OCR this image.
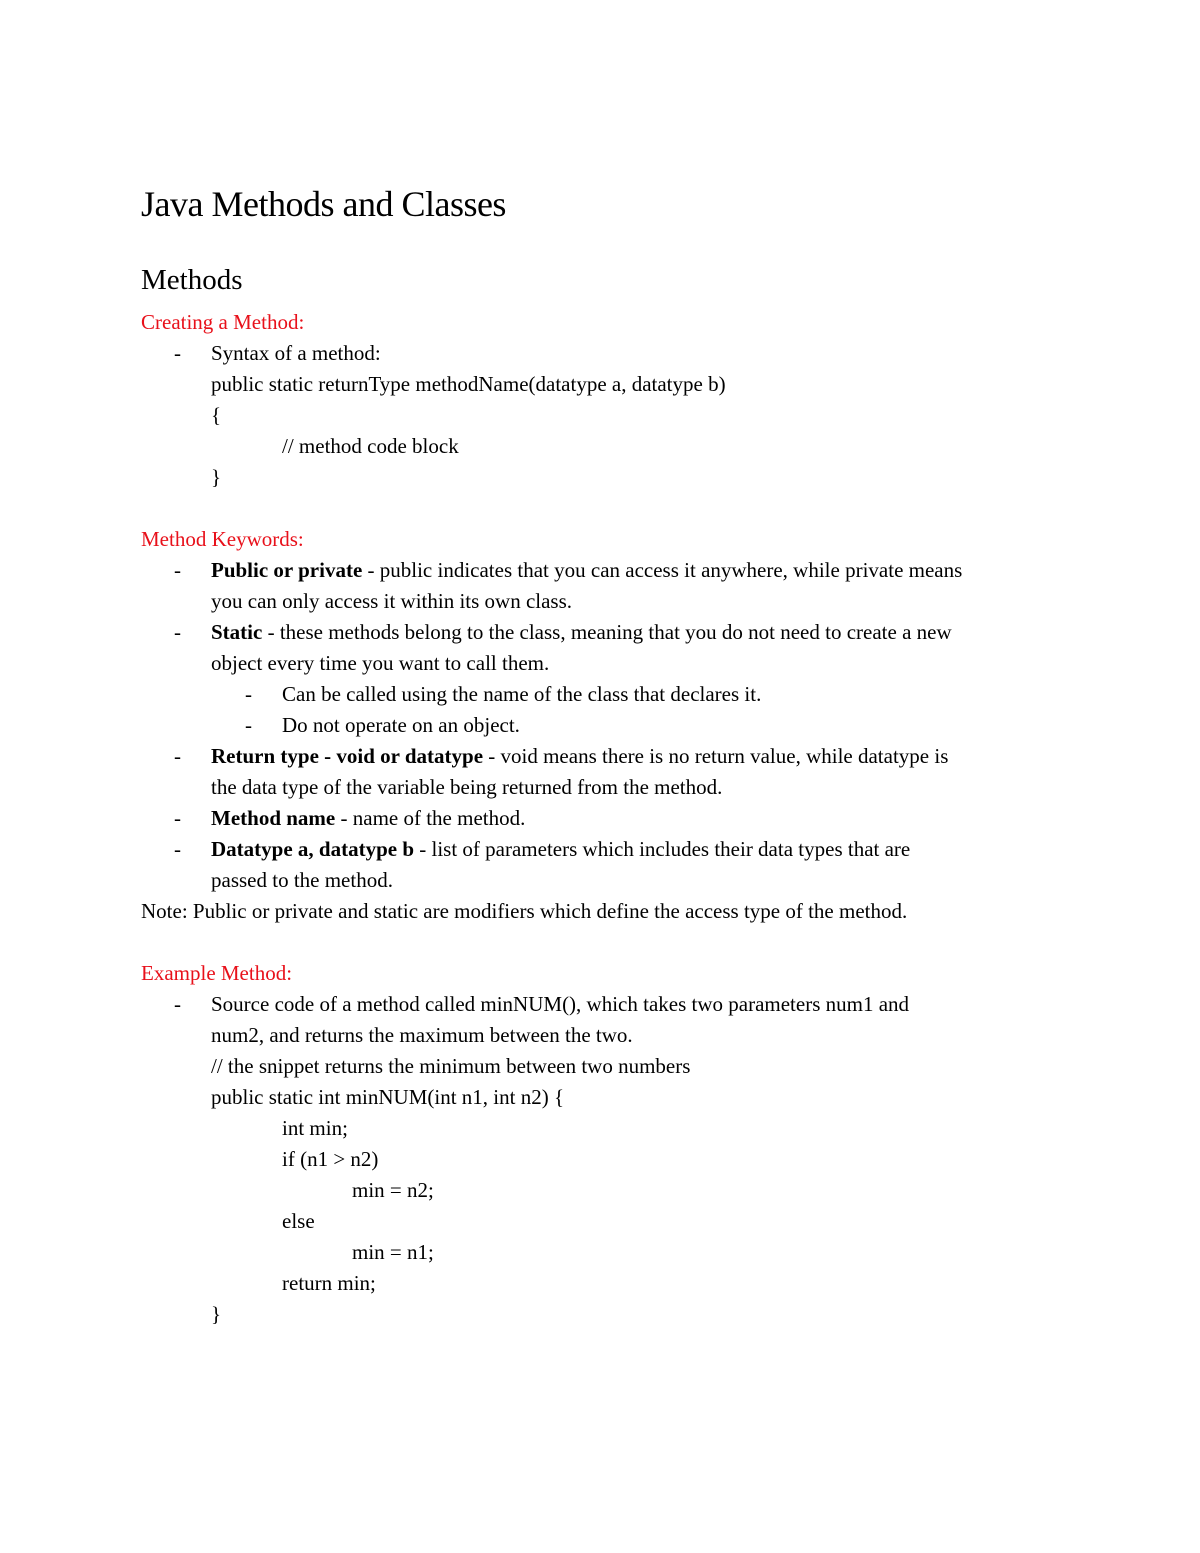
Java Methods and Classes
Methods
Creating a Method:
- Syntax of a method:
public static returnType methodName(datatype a, datatype b)
{
// method code block
}
Method Keywords:
- Public or private - public indicates that you can access it anywhere, while private means
you can only access it within its own class.
- Static - these methods belong to the class, meaning that you do not need to create a new
object every time you want to call them.
- Can be called using the name of the class that declares it.
- Do not operate on an object.
- Return type - void or datatype - void means there is no return value, while datatype is
the data type of the variable being returned from the method.
- Method name - name of the method.
- Datatype a, datatype b - list of parameters which includes their data types that are
passed to the method.
Note: Public or private and static are modifiers which define the access type of the method.
Example Method:
- Source code of a method called minNUM(), which takes two parameters num1 and
num2, and returns the maximum between the two.
// the snippet returns the minimum between two numbers
public static int minNUM(int n1, int n2) {
int min;
if (n1 > n2)
min = n2;
else
min = n1;
return min;
}
